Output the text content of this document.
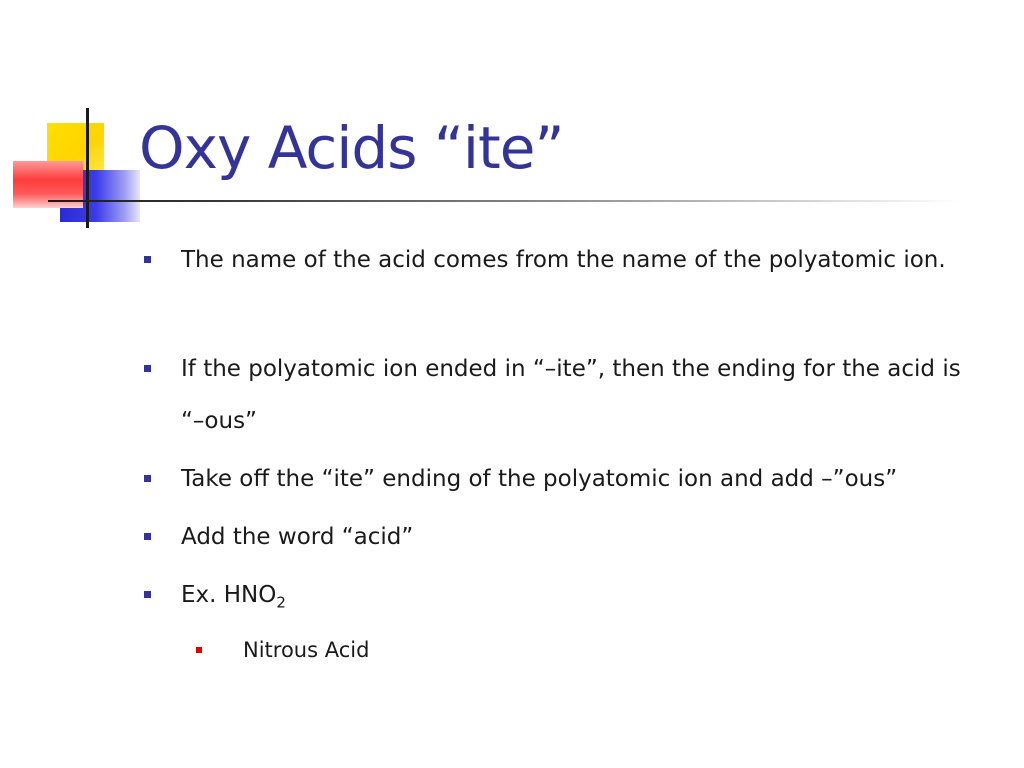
Oxy Acids “ite”
The name of the acid comes from the name of the polyatomic ion.
If the polyatomic ion ended in “–ite”, then the ending for the acid is “–ous”
Take off the “ite” ending of the polyatomic ion and add –”ous”
Add the word “acid”
Ex. $HNO_2$
Nitrous Acid
